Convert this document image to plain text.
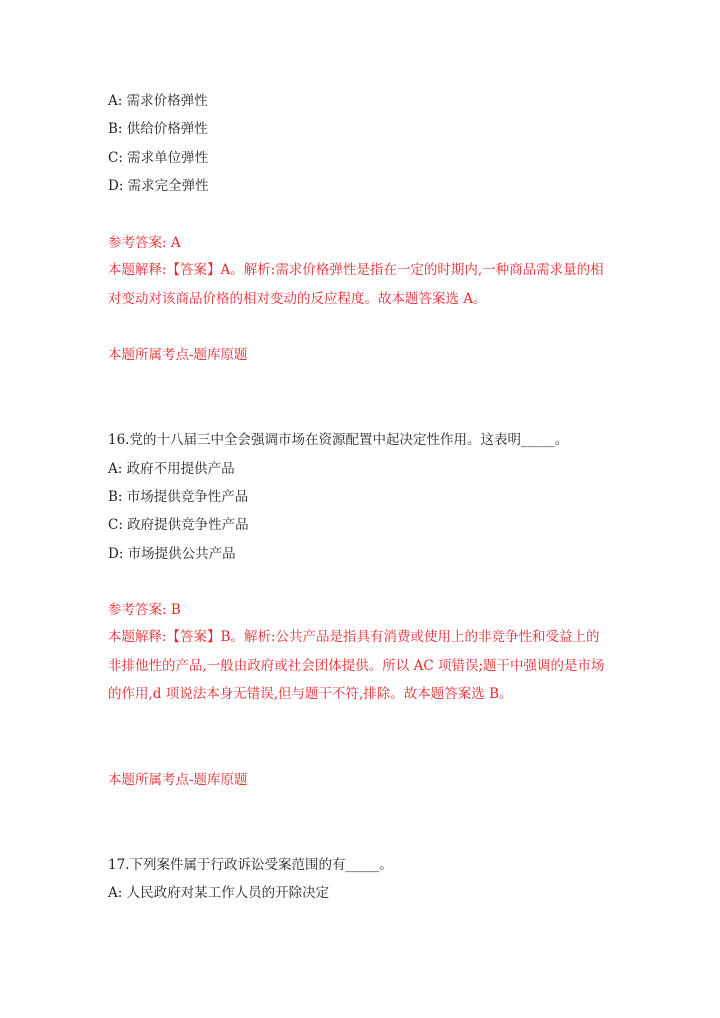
A: 需求价格弹性
B: 供给价格弹性
C: 需求单位弹性
D: 需求完全弹性
参考答案: A
本题解释:【答案】A。解析:需求价格弹性是指在一定的时期内,一种商品需求量的相对变动对该商品价格的相对变动的反应程度。故本题答案选 A。
本题所属考点-题库原题
16.党的十八届三中全会强调市场在资源配置中起决定性作用。这表明_____。
A: 政府不用提供产品
B: 市场提供竞争性产品
C: 政府提供竞争性产品
D: 市场提供公共产品
参考答案: B
本题解释:【答案】B。解析:公共产品是指具有消费或使用上的非竞争性和受益上的非排他性的产品,一般由政府或社会团体提供。所以 AC 项错误;题干中强调的是市场的作用,d 项说法本身无错误,但与题干不符,排除。故本题答案选 B。
本题所属考点-题库原题
17.下列案件属于行政诉讼受案范围的有_____。
A: 人民政府对某工作人员的开除决定
